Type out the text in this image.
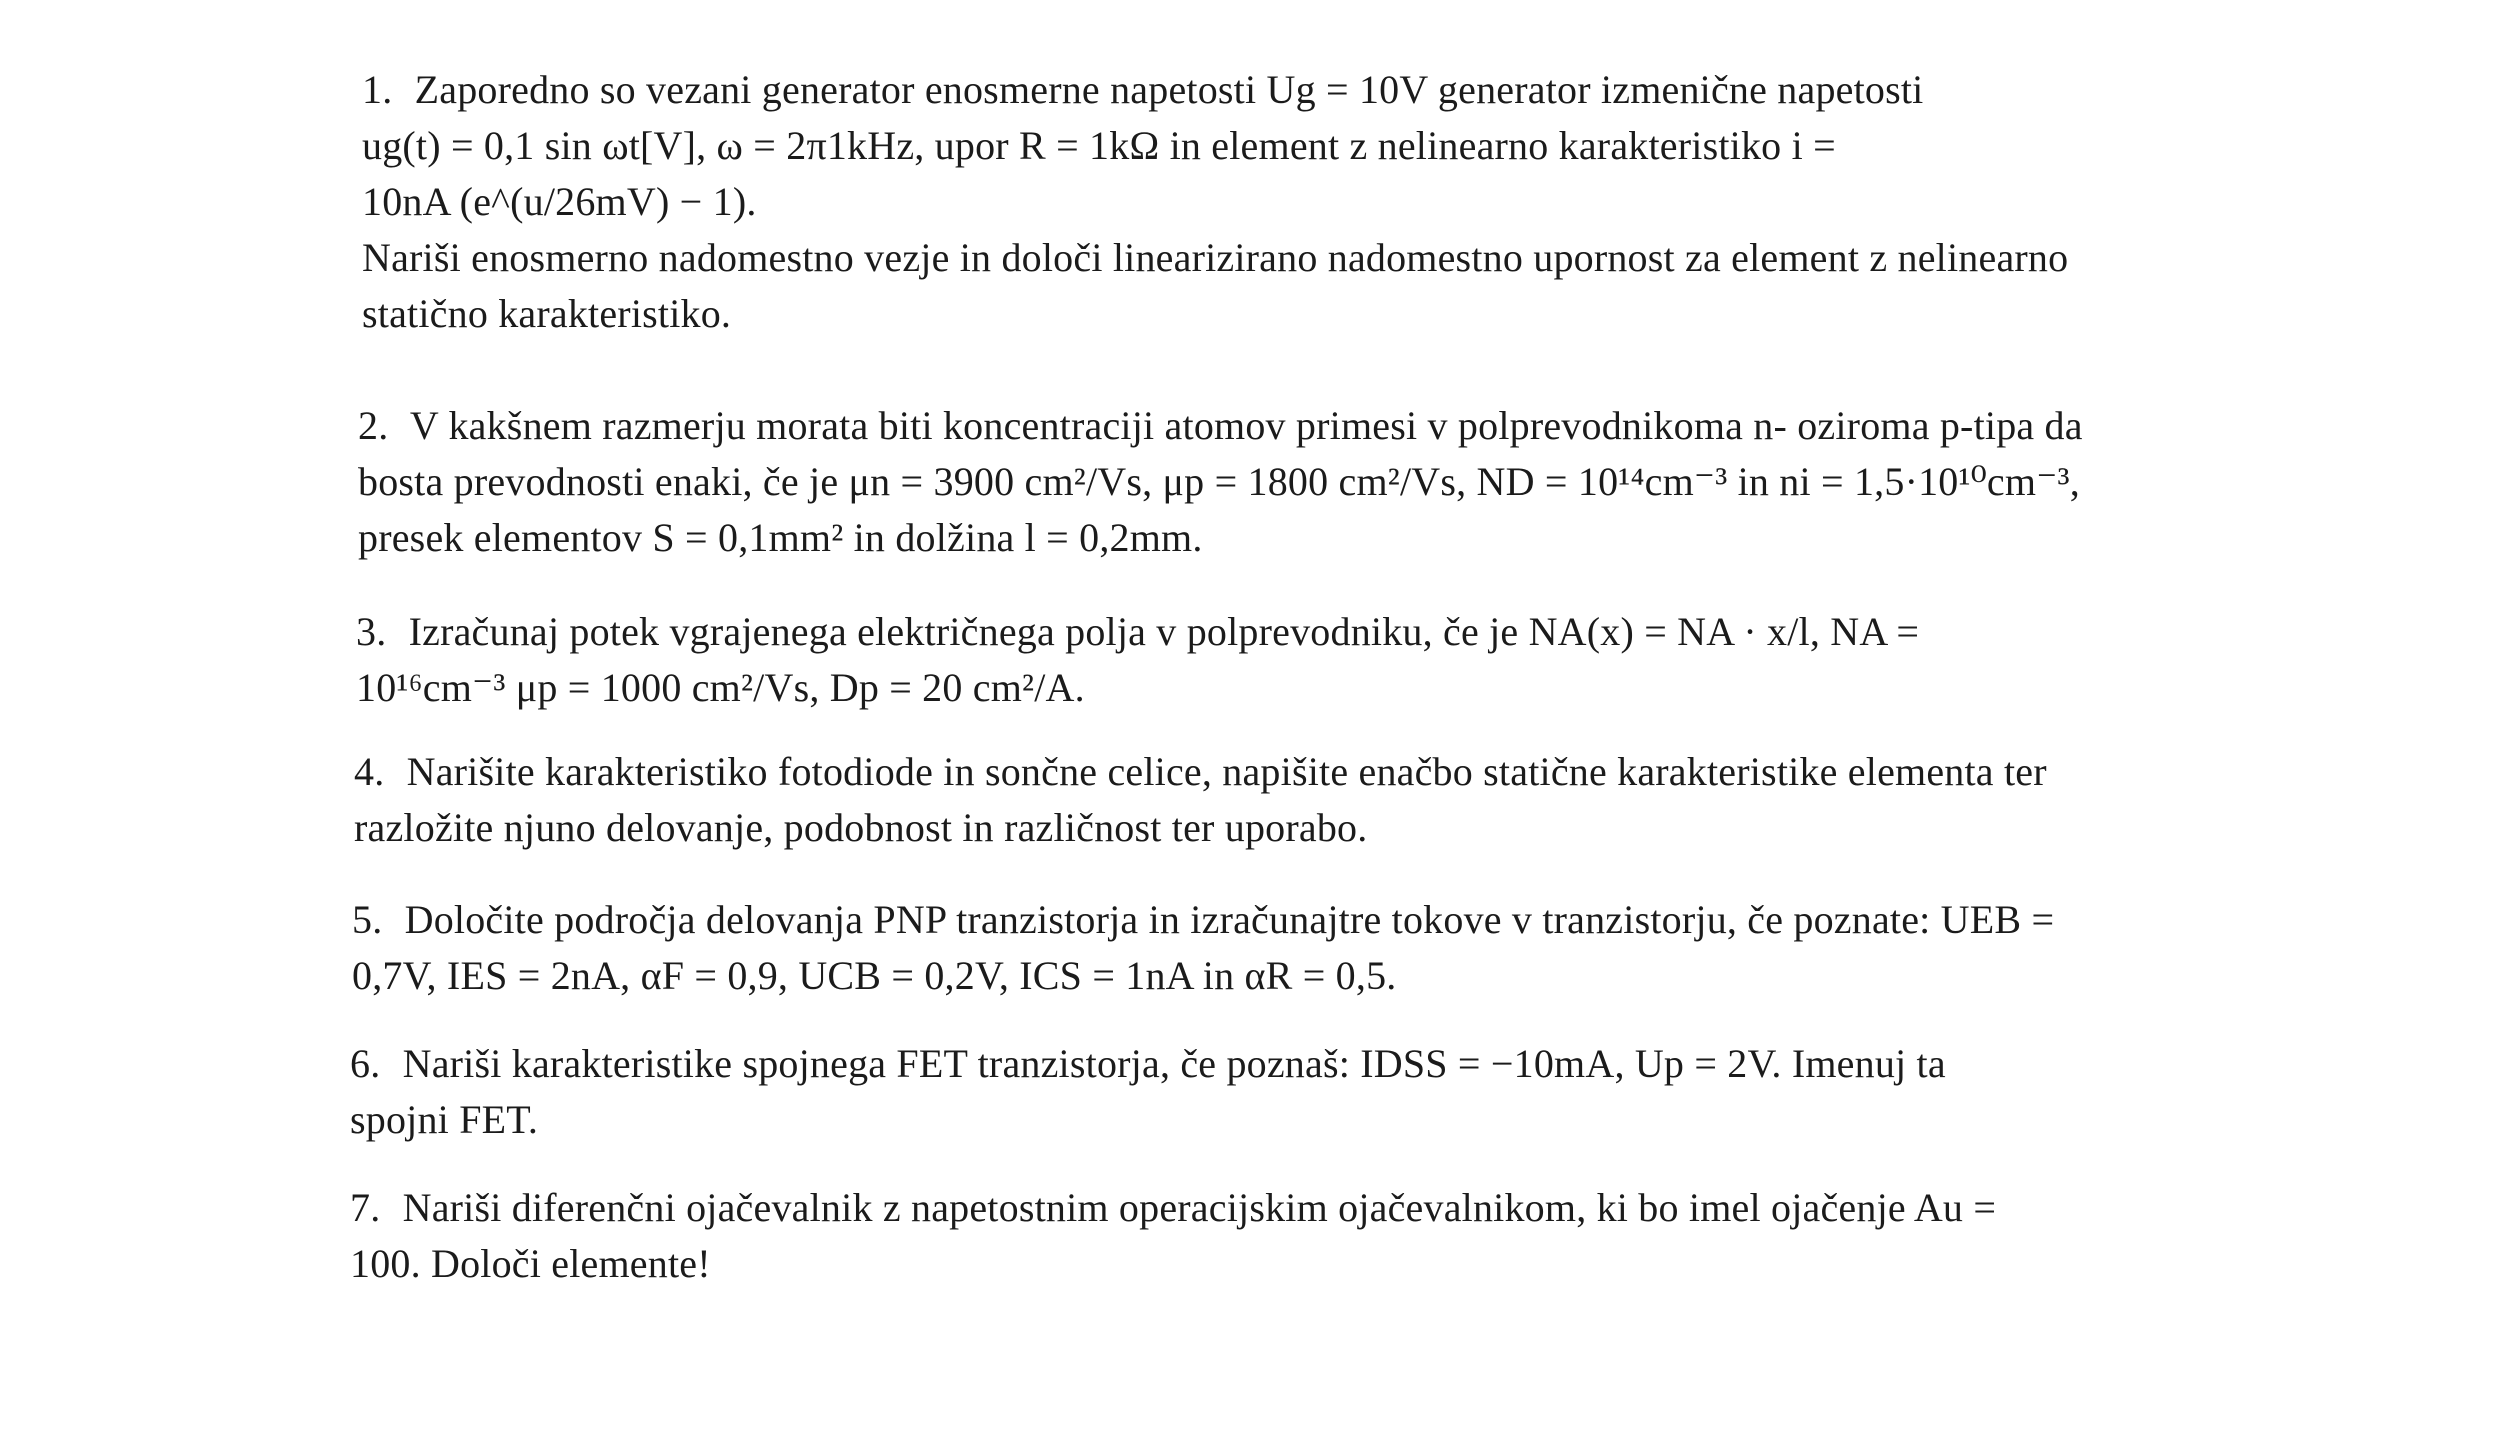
1. Zaporedno so vezani generator enosmerne napetosti Ug = 10V generator izmenične napetosti
ug(t) = 0,1 sin ωt[V], ω = 2π1kHz, upor R = 1kΩ in element z nelinearno karakteristiko i =
10nA (e^(u/26mV) − 1).
Nariši enosmerno nadomestno vezje in določi linearizirano nadomestno upornost za element z nelinearno
statično karakteristiko.
2. V kakšnem razmerju morata biti koncentraciji atomov primesi v polprevodnikoma n- oziroma p-tipa da
bosta prevodnosti enaki, če je μn = 3900 cm²/Vs, μp = 1800 cm²/Vs, ND = 10¹⁴cm⁻³ in ni = 1,5·10¹⁰cm⁻³,
presek elementov S = 0,1mm² in dolžina l = 0,2mm.
3. Izračunaj potek vgrajenega električnega polja v polprevodniku, če je NA(x) = NA · x/l, NA =
10¹⁶cm⁻³ μp = 1000 cm²/Vs, Dp = 20 cm²/A.
4. Narišite karakteristiko fotodiode in sončne celice, napišite enačbo statične karakteristike elementa ter
razložite njuno delovanje, podobnost in različnost ter uporabo.
5. Določite področja delovanja PNP tranzistorja in izračunajtre tokove v tranzistorju, če poznate: UEB =
0,7V, IES = 2nA, αF = 0,9, UCB = 0,2V, ICS = 1nA in αR = 0,5.
6. Nariši karakteristike spojnega FET tranzistorja, če poznaš: IDSS = −10mA, Up = 2V. Imenuj ta
spojni FET.
7. Nariši diferenčni ojačevalnik z napetostnim operacijskim ojačevalnikom, ki bo imel ojačenje Au =
100. Določi elemente!
